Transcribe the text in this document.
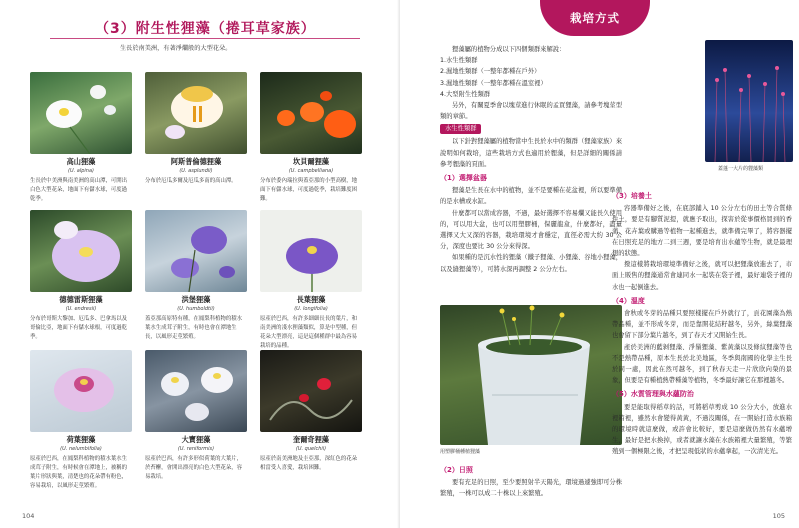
（3）附生性狸藻（捲耳草家族）
生長於南美洲，有著淨爛般的大型花朵。
高山狸藻
(U. alpina)
生長於中美洲與南美洲的高山潭，可開出白色大型花朵，地面下有儲水球，可度過乾季。
阿斯普倫德狸藻
(U. asplundii)
分布於厄瓜多爾及厄瓜多南的高山潭。
坎貝爾狸藻
(U. campbelliana)
分布於委內瑞拉與蓋亞那的小型高樹，地面下有儲水球，可度過乾季，栽培難度困難。
德德雷斯狸藻
(U. endresii)
分布於哥斯大黎加、厄瓜多、巴拿馬以及哥倫比亞，地面下有儲水球根，可度過乾季。
洪堡狸藻
(U. humboldtii)
蓋亞那高原特有種，在鳳梨科植物的積水葉水生成茸子附生，有時也會在潭地生長，以風形走莖繁殖。
長葉狸藻
(U. longifolia)
原產於巴西，有許多細細長長的葉片，和南美洲的淺水狸藻類似，算是中型種，但花朵大型漂亮，這是這個種群中最為容易栽培的品種。
荷葉狸藻
(U. nelumbifolia)
原產於巴西，在鳳梨科植物的積水葉水生成茸子附生，有時候會在潭地上，被稱的葉片形狀與葉，清楚也的花朵帶有粉色，容易栽培，以風形走莖繁殖。
大寶狸藻
(U. reniformis)
原產於巴西，有許多形似荷葉的大葉片，於苔檞，會開出漂亮的白色大型花朵，容易栽培。
奎爾奇狸藻
(U. quelchii)
原產於南美洲地及圭亞那，深紅色的花朵相當受人喜愛，栽培困難。
104
栽培方式

狸藻屬的植物分成以下四個類群來解說：

1.水生性類群

2.濕地性類群（一整年都種在戶外）

3.濕地性類群（一整年都種在溫室裡）

4.大型附生性類群

另外，有關夏季會以塊莖進行休眠的孟買狸藻，請參考塊莖型類的章節。

水生性類群

以下針對狸藻屬的植物當中生長於水中的類群（狸藻家族）來說明如何栽培，這些栽培方式也適用於貍藻，但是詳細的關係請參考貍藻的頁面。

（1）選擇盆器

狸藻是生長在水中的植物，並不是要種在花盆裡，所以要準備的是水槽或水缸。

什麼都可以當成容器，不過，最好選擇不容易爛又能長久使用的，可以用大盆，也可以用塑膠桶，保麗龍盒，什麼都好，盡量選擇又大又深的容器，栽培環境才會穩定，直徑必需大約 30 公分，深度也要比 30 公分來得深。

如果種的是沉水性的狸藻（鐵子狸藻、小狸藻、谷地小狸藻，以及縫狸藻等），可將水深再調整 2 公分左右。

用塑膠桶種植狸藻
（2）日照

要有充足的日照，至少要照射半天陽光，環境過遽強即可分株繁殖，一株可以成二十株以上來繁殖。

蓋蓬一大片的貍藻類
（3）培養土

容器準備好之後，在底部鋪入 10 公分左右的田土等合質條件土，要是有腳質泥提，就應予取出，探害於從事價格買到的香蒲、花卉葉或購過等植物一起種進去，就準備完畢了，將容器擺在日照充足的地方二到三週，要是培育出水蘊等生物，就是最理想的狀態。

撥這樣將栽培環境準備好之後，就可以把狸藻放進去了，市面上販售的狸藻通常會連同水一起裝在袋子裡，最好連袋子裡的水也一起倒進去。

（4）溫度

會秋或冬芽的品種只要照樣擺在戶外就行了，貢花園藻為熱帶品種，並不形成冬芽，而是靠開花結籽越冬，另外，絲葉狸藻也會留下部分葉片越冬，到了春天才又開始生長。

產於美洲的藍剝狸藻、淨鬚狸藻、紫黃藻以及條紋狸藻等也不是熱帶品種，原本生長於北美地區，冬季與南國的化學主生長於同一處，因此在然可越冬，到了秋春天走一片欣欣向榮的景象，但要是有種植熱帶種藻等植物，冬季最好讓它在那裡越冬。

（5）水質管理與水蘊防治

要是能取得稻草的話，可將稻草剪成 10 公分大小，放進水裡箱裡，雖然水會變得黃黃，不過沒關係，在一開始打造水族箱的環境時就這麼做，或許會比較好，要是這麼做仍然有水蘊增生，最好是把水換掉，或者就讓水藻在水族箱裡大量繁殖，等繁殖到一個極限之後，才把呈現低狀的水蘊拿起，一次清光光。

105
